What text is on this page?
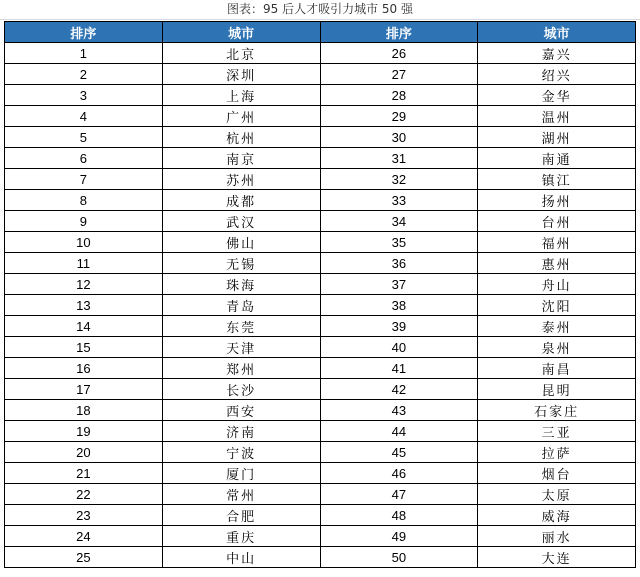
图表：95 后人才吸引力城市 50 强
排序	城市	排序	城市
1	北京	26	嘉兴
2	深圳	27	绍兴
3	上海	28	金华
4	广州	29	温州
5	杭州	30	湖州
6	南京	31	南通
7	苏州	32	镇江
8	成都	33	扬州
9	武汉	34	台州
10	佛山	35	福州
11	无锡	36	惠州
12	珠海	37	舟山
13	青岛	38	沈阳
14	东莞	39	泰州
15	天津	40	泉州
16	郑州	41	南昌
17	长沙	42	昆明
18	西安	43	石家庄
19	济南	44	三亚
20	宁波	45	拉萨
21	厦门	46	烟台
22	常州	47	太原
23	合肥	48	威海
24	重庆	49	丽水
25	中山	50	大连
